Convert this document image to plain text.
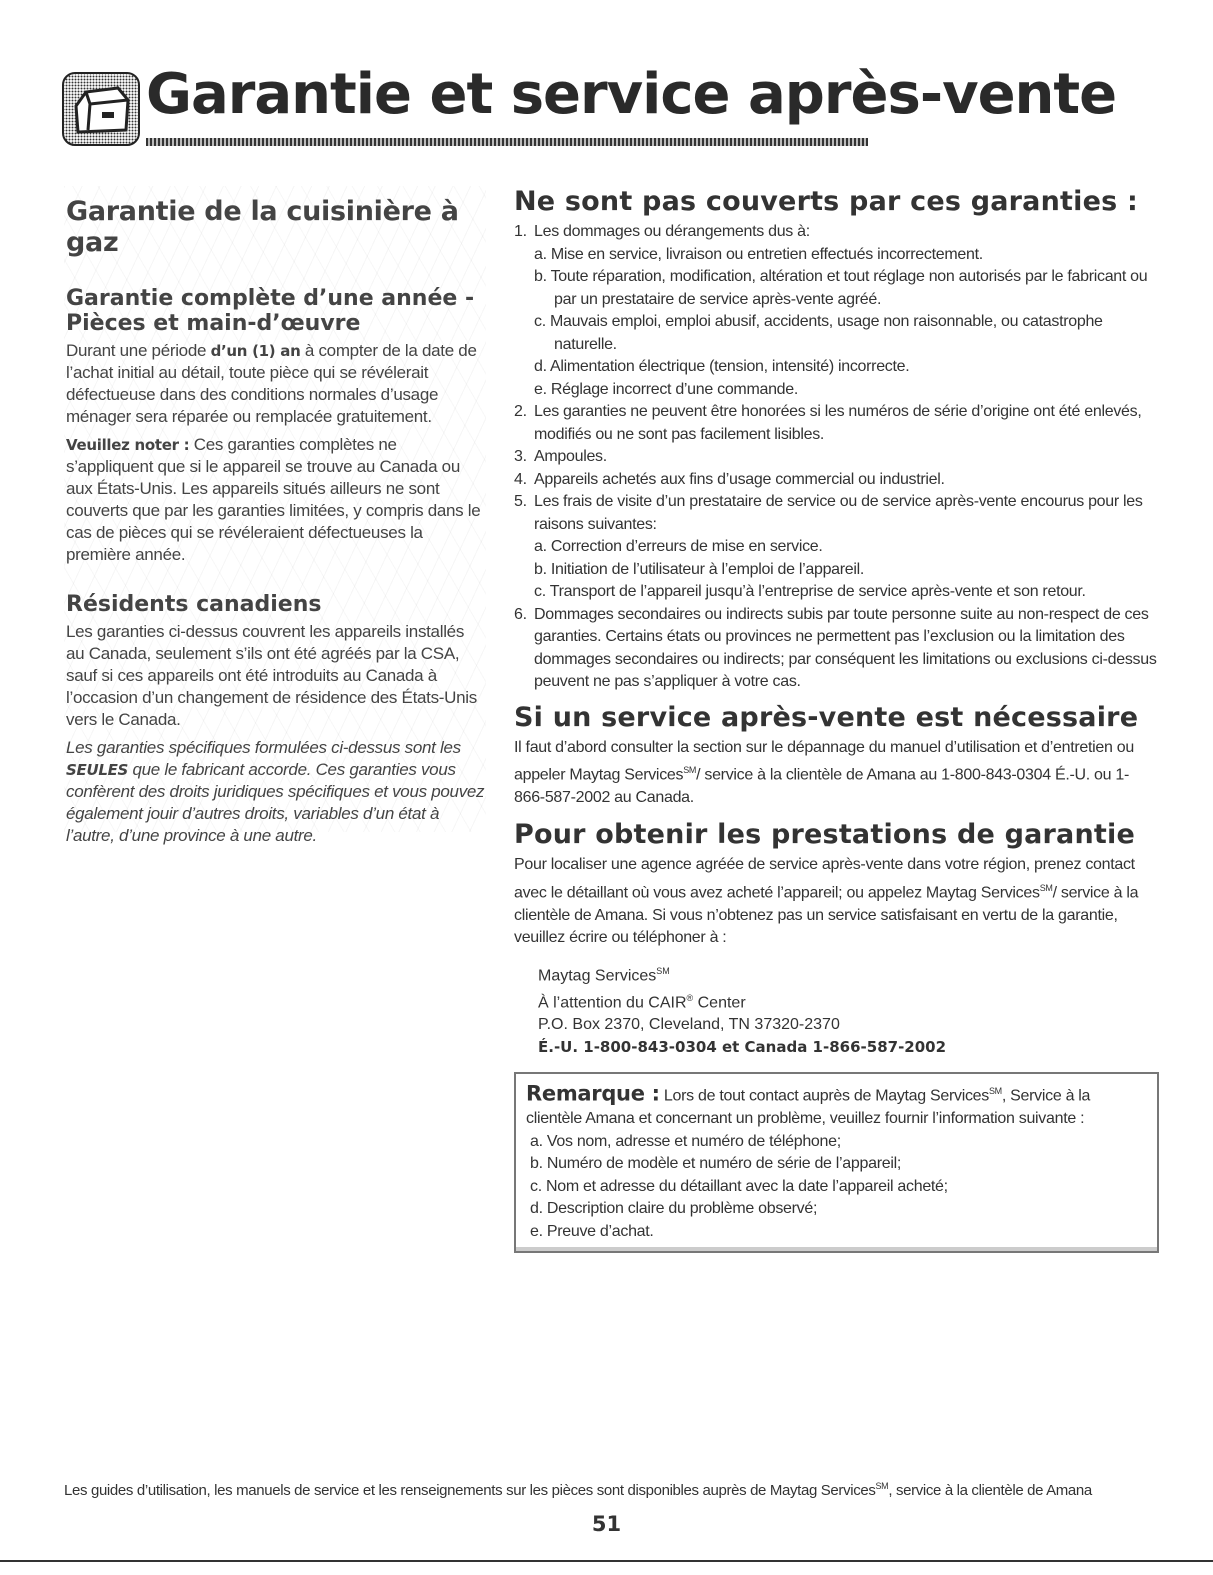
Garantie et service après-vente
Garantie de la cuisinière à gaz
Garantie complète d’une année - Pièces et main-d’œuvre

Durant une période d’un (1) an à compter de la date de l’achat initial au détail, toute pièce qui se révélerait défectueuse dans des conditions normales d’usage ménager sera réparée ou remplacée gratuitement.

Veuillez noter : Ces garanties complètes ne s’appliquent que si le appareil se trouve au Canada ou aux États-Unis. Les appareils situés ailleurs ne sont couverts que par les garanties limitées, y compris dans le cas de pièces qui se révéleraient défectueuses la première année.

Résidents canadiens

Les garanties ci-dessus couvrent les appareils installés au Canada, seulement s’ils ont été agréés par la CSA, sauf si ces appareils ont été introduits au Canada à l’occasion d’un changement de résidence des États-Unis vers le Canada.

Les garanties spécifiques formulées ci-dessus sont les SEULES que le fabricant accorde. Ces garanties vous confèrent des droits juridiques spécifiques et vous pouvez également jouir d’autres droits, variables d’un état à l’autre, d’une province à une autre.

Ne sont pas couverts par ces garanties :
1. Les dommages ou dérangements dus à:
a. Mise en service, livraison ou entretien effectués incorrectement.
b. Toute réparation, modification, altération et tout réglage non autorisés par le fabricant ou par un prestataire de service après-vente agréé.
c. Mauvais emploi, emploi abusif, accidents, usage non raisonnable, ou catastrophe naturelle.
d. Alimentation électrique (tension, intensité) incorrecte.
e. Réglage incorrect d’une commande.
2. Les garanties ne peuvent être honorées si les numéros de série d’origine ont été enlevés, modifiés ou ne sont pas facilement lisibles.
3. Ampoules.
4. Appareils achetés aux fins d’usage commercial ou industriel.
5. Les frais de visite d’un prestataire de service ou de service après-vente encourus pour les raisons suivantes:
a. Correction d’erreurs de mise en service.
b. Initiation de l’utilisateur à l’emploi de l’appareil.
c. Transport de l’appareil jusqu’à l’entreprise de service après-vente et son retour.
6. Dommages secondaires ou indirects subis par toute personne suite au non-respect de ces garanties. Certains états ou provinces ne permettent pas l’exclusion ou la limitation des dommages secondaires ou indirects; par conséquent les limitations ou exclusions ci-dessus peuvent ne pas s’appliquer à votre cas.
Si un service après-vente est nécessaire

Il faut d’abord consulter la section sur le dépannage du manuel d’utilisation et d’entretien ou appeler Maytag Services℠/ service à la clientèle de Amana au 1-800-843-0304 É.-U. ou 1-866-587-2002 au Canada.

Pour obtenir les prestations de garantie

Pour localiser une agence agréée de service après-vente dans votre région, prenez contact avec le détaillant où vous avez acheté l’appareil; ou appelez Maytag Services℠/ service à la clientèle de Amana. Si vous n’obtenez pas un service satisfaisant en vertu de la garantie, veuillez écrire ou téléphoner à :

Maytag Services℠
À l’attention du CAIR® Center
P.O. Box 2370, Cleveland, TN 37320-2370
É.-U. 1-800-843-0304 et Canada 1-866-587-2002

Remarque : Lors de tout contact auprès de Maytag Services℠, Service à la clientèle Amana et concernant un problème, veuillez fournir l’information suivante :

a. Vos nom, adresse et numéro de téléphone;
b. Numéro de modèle et numéro de série de l’appareil;
c. Nom et adresse du détaillant avec la date l’appareil acheté;
d. Description claire du problème observé;
e. Preuve d’achat.
Les guides d’utilisation, les manuels de service et les renseignements sur les pièces sont disponibles auprès de Maytag Services℠, service à la clientèle de Amana
51
